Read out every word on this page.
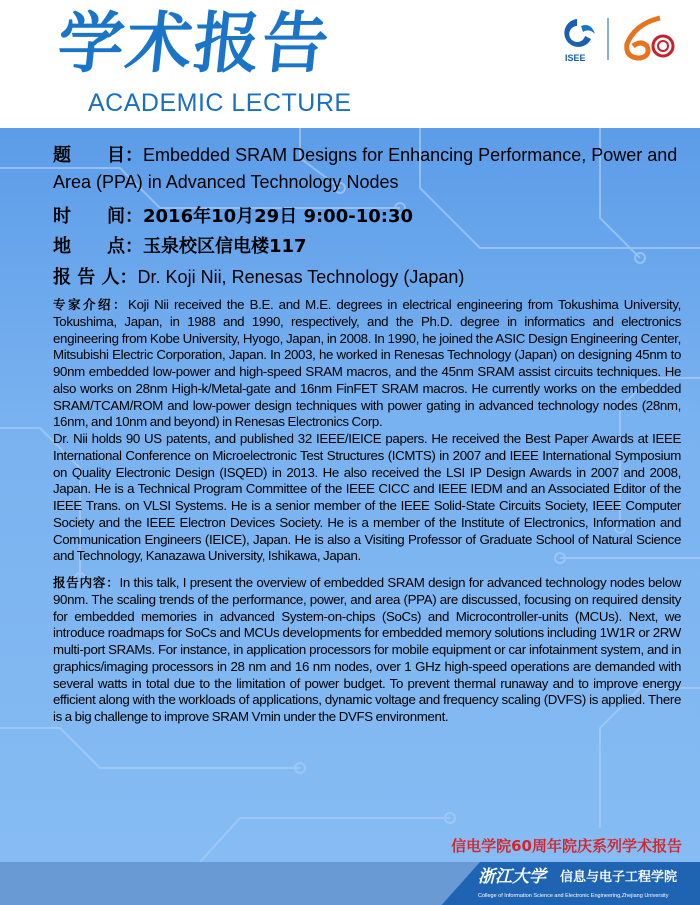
学术报告
ACADEMIC LECTURE
ISEE
题　　目：Embedded SRAM Designs for Enhancing Performance, Power and Area (PPA) in Advanced Technology Nodes
时　　间：2016年10月29日 9:00-10:30
地　　点：玉泉校区信电楼117
报 告 人：Dr. Koji Nii, Renesas Technology (Japan)

专家介绍：Koji Nii received the B.E. and M.E. degrees in electrical engineering from Tokushima University, Tokushima, Japan, in 1988 and 1990, respectively, and the Ph.D. degree in informatics and electronics engineering from Kobe University, Hyogo, Japan, in 2008. In 1990, he joined the ASIC Design Engineering Center, Mitsubishi Electric Corporation, Japan. In 2003, he worked in Renesas Technology (Japan) on designing 45nm to 90nm embedded low-power and high-speed SRAM macros, and the 45nm SRAM assist circuits techniques. He also works on 28nm High-k/Metal-gate and 16nm FinFET SRAM macros. He currently works on the embedded SRAM/TCAM/ROM and low-power design techniques with power gating in advanced technology nodes (28nm, 16nm, and 10nm and beyond) in Renesas Electronics Corp.

Dr. Nii holds 90 US patents, and published 32 IEEE/IEICE papers. He received the Best Paper Awards at IEEE International Conference on Microelectronic Test Structures (ICMTS) in 2007 and IEEE International Symposium on Quality Electronic Design (ISQED) in 2013. He also received the LSI IP Design Awards in 2007 and 2008, Japan. He is a Technical Program Committee of the IEEE CICC and IEEE IEDM and an Associated Editor of the IEEE Trans. on VLSI Systems. He is a senior member of the IEEE Solid-State Circuits Society, IEEE Computer Society and the IEEE Electron Devices Society. He is a member of the Institute of Electronics, Information and Communication Engineers (IEICE), Japan. He is also a Visiting Professor of Graduate School of Natural Science and Technology, Kanazawa University, Ishikawa, Japan.

报告内容：In this talk, I present the overview of embedded SRAM design for advanced technology nodes below 90nm. The scaling trends of the performance, power, and area (PPA) are discussed, focusing on required density for embedded memories in advanced System-on-chips (SoCs) and Microcontroller-units (MCUs). Next, we introduce roadmaps for SoCs and MCUs developments for embedded memory solutions including 1W1R or 2RW multi-port SRAMs. For instance, in application processors for mobile equipment or car infotainment system, and in graphics/imaging processors in 28 nm and 16 nm nodes, over 1 GHz high-speed operations are demanded with several watts in total due to the limitation of power budget. To prevent thermal runaway and to improve energy efficient along with the workloads of applications, dynamic voltage and frequency scaling (DVFS) is applied. There is a big challenge to improve SRAM Vmin under the DVFS environment.

信电学院60周年院庆系列学术报告
浙江大学 信息与电子工程学院
College of Information Science and Electronic Engineering,Zhejiang University
